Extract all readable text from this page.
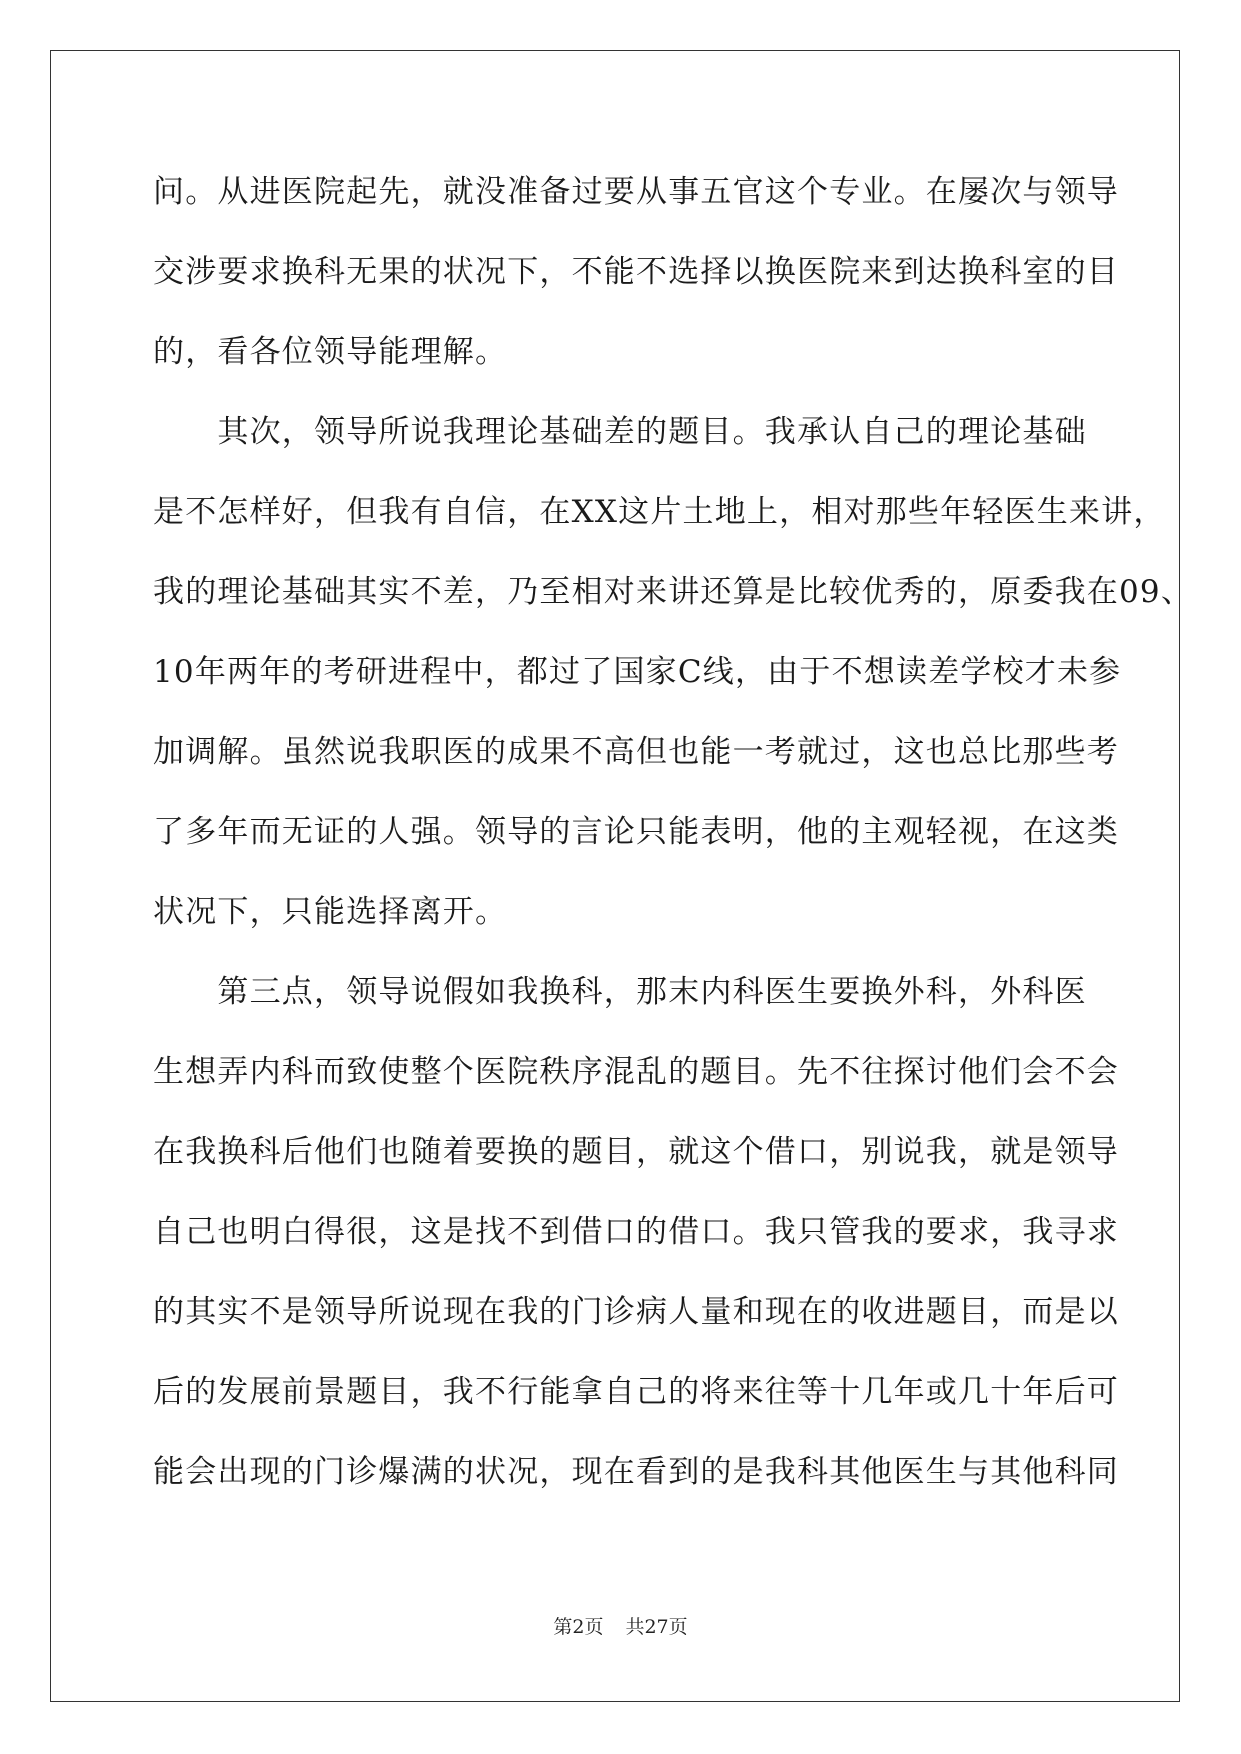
问。从进医院起先，就没准备过要从事五官这个专业。在屡次与领导
交涉要求换科无果的状况下，不能不选择以换医院来到达换科室的目
的，看各位领导能理解。
　　其次，领导所说我理论基础差的题目。我承认自己的理论基础
是不怎样好，但我有自信，在XX这片土地上，相对那些年轻医生来讲，
我的理论基础其实不差，乃至相对来讲还算是比较优秀的，原委我在09、
10年两年的考研进程中，都过了国家C线，由于不想读差学校才未参
加调解。虽然说我职医的成果不高但也能一考就过，这也总比那些考
了多年而无证的人强。领导的言论只能表明，他的主观轻视，在这类
状况下，只能选择离开。
　　第三点，领导说假如我换科，那末内科医生要换外科，外科医
生想弄内科而致使整个医院秩序混乱的题目。先不往探讨他们会不会
在我换科后他们也随着要换的题目，就这个借口，别说我，就是领导
自己也明白得很，这是找不到借口的借口。我只管我的要求，我寻求
的其实不是领导所说现在我的门诊病人量和现在的收进题目，而是以
后的发展前景题目，我不行能拿自己的将来往等十几年或几十年后可
能会出现的门诊爆满的状况，现在看到的是我科其他医生与其他科同
第2页 共27页
